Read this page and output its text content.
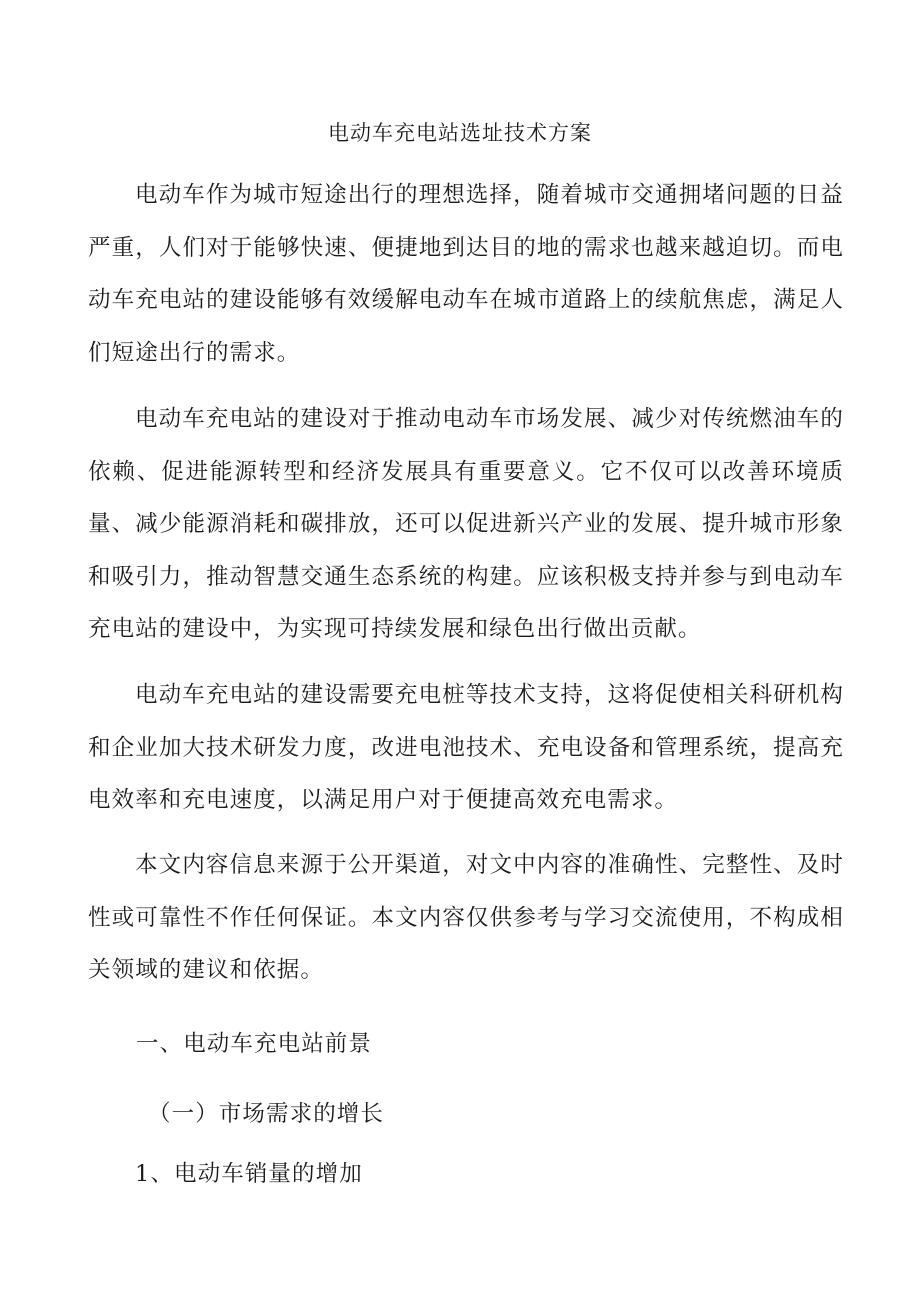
电动车充电站选址技术方案

电动车作为城市短途出行的理想选择，随着城市交通拥堵问题的日益严重，人们对于能够快速、便捷地到达目的地的需求也越来越迫切。而电动车充电站的建设能够有效缓解电动车在城市道路上的续航焦虑，满足人们短途出行的需求。

电动车充电站的建设对于推动电动车市场发展、减少对传统燃油车的依赖、促进能源转型和经济发展具有重要意义。它不仅可以改善环境质量、减少能源消耗和碳排放，还可以促进新兴产业的发展、提升城市形象和吸引力，推动智慧交通生态系统的构建。应该积极支持并参与到电动车充电站的建设中，为实现可持续发展和绿色出行做出贡献。

电动车充电站的建设需要充电桩等技术支持，这将促使相关科研机构和企业加大技术研发力度，改进电池技术、充电设备和管理系统，提高充电效率和充电速度，以满足用户对于便捷高效充电需求。

本文内容信息来源于公开渠道，对文中内容的准确性、完整性、及时性或可靠性不作任何保证。本文内容仅供参考与学习交流使用，不构成相关领域的建议和依据。

一、电动车充电站前景
（一）市场需求的增长
1、电动车销量的增加
